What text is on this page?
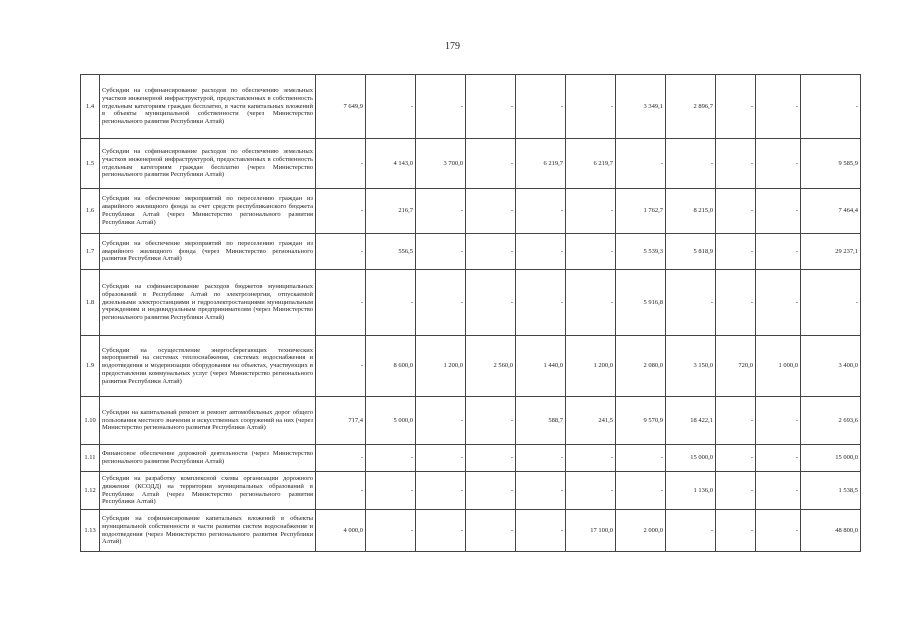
179
1.4	Субсидии на софинансирование расходов по обеспечению земельных участков инженерной инфраструктурой, предоставленных в собственность отдельным категориям граждан бесплатно, в части капитальных вложений в объекты муниципальной собственности (через Министерство регионального развития Республики Алтай)	7 649,9	-	-	-	-	-	3 349,1	2 896,7	-	-	-
1.5	Субсидии на софинансирование расходов по обеспечению земельных участков инженерной инфраструктурой, предоставленных в собственность отдельным категориям граждан бесплатно (через Министерство регионального развития Республики Алтай)	-	4 143,0	3 700,0	-	6 219,7	6 219,7	-	-	-	-	9 585,9
1.6	Субсидии на обеспечение мероприятий по переселению граждан из аварийного жилищного фонда за счет средств республиканского бюджета Республики Алтай (через Министерство регионального развития Республики Алтай)	-	216,7	-	-	-	-	1 762,7	8 215,0	-	-	7 464,4
1.7	Субсидии на обеспечение мероприятий по переселению граждан из аварийного жилищного фонда (через Министерство регионального развития Республики Алтай)	-	556,5	-	-	-	-	5 539,3	5 818,9	-	-	29 237,1
1.8	Субсидии на софинансирование расходов бюджетов муниципальных образований в Республике Алтай по электроэнергии, отпускаемой дизельными электростанциями и гидроэлектростанциями муниципальным учреждениям и индивидуальным предпринимателям (через Министерство регионального развития Республики Алтай)	-	-	-	-	-	-	5 916,8	-	-	-	-
1.9	Субсидии на осуществление энергосберегающих технических мероприятий на системах теплоснабжения, системах водоснабжения и водоотведения и модернизации оборудования на объектах, участвующих в предоставлении коммунальных услуг (через Министерство регионального развития Республики Алтай)	-	8 600,0	1 200,0	2 560,0	1 440,0	1 200,0	2 080,0	3 150,0	720,0	1 000,0	3 400,0
1.10	Субсидии на капитальный ремонт и ремонт автомобильных дорог общего пользования местного значения и искусственных сооружений на них (через Министерство регионального развития Республики Алтай)	717,4	5 000,0	-	-	588,7	241,5	9 570,9	18 422,1	-	-	2 693,6
1.11	Финансовое обеспечение дорожной деятельности (через Министерство регионального развития Республики Алтай)	-	-	-	-	-	-	-	15 000,0	-	-	15 000,0
1.12	Субсидии на разработку комплексной схемы организации дорожного движения (КСОДД) на территории муниципальных образований в Республике Алтай (через Министерство регионального развития Республики Алтай)	-	-	-	-	-	-	-	1 136,0	-	-	1 538,5
1.13	Субсидии на софинансирование капитальных вложений в объекты муниципальной собственности в части развития систем водоснабжения и водоотведения (через Министерство регионального развития Республики Алтай)	4 000,0	-	-	-	-	17 100,0	2 000,0	-	-	-	48 800,0
